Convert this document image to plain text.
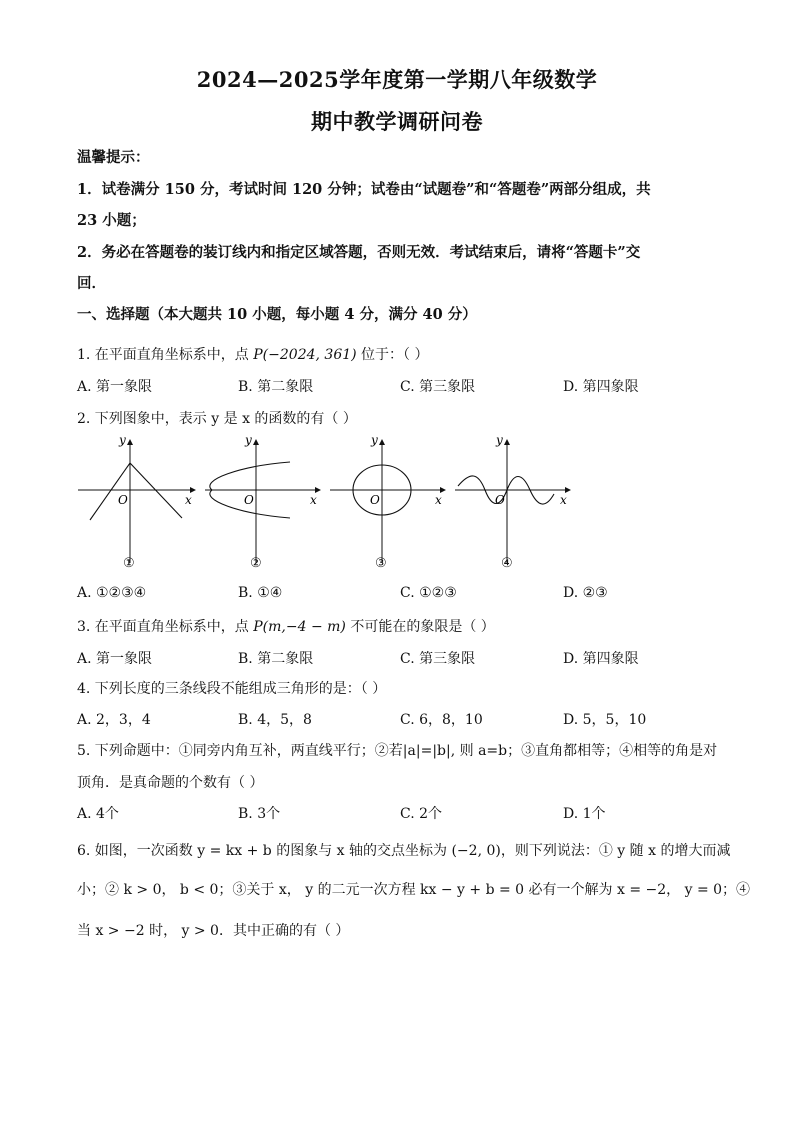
2024—2025学年度第一学期八年级数学
期中教学调研问卷
温馨提示：
1．试卷满分 150 分，考试时间 120 分钟；试卷由“试题卷”和“答题卷”两部分组成，共
23 小题；
2．务必在答题卷的装订线内和指定区域答题，否则无效．考试结束后，请将“答题卡”交
回．
一、选择题（本大题共 10 小题，每小题 4 分，满分 40 分）
1. 在平面直角坐标系中，点 P(−2024, 361) 位于：（ ）
A. 第一象限	B. 第二象限	C. 第三象限	D. 第四象限
2. 下列图象中，表示 y 是 x 的函数的有（ ）
y
x
O
y
x
O
y
x
O
y
x
O
①	②	③	④
A. ①②③④	B. ①④	C. ①②③	D. ②③
3. 在平面直角坐标系中，点 P(m,−4 − m) 不可能在的象限是（ ）
A. 第一象限	B. 第二象限	C. 第三象限	D. 第四象限
4. 下列长度的三条线段不能组成三角形的是：（ ）
A. 2，3，4	B. 4，5，8	C. 6，8，10	D. 5，5，10
5. 下列命题中：①同旁内角互补，两直线平行；②若|a|=|b|, 则 a=b；③直角都相等；④相等的角是对
顶角．是真命题的个数有（ ）
A. 4个	B. 3个	C. 2个	D. 1个
6. 如图，一次函数 y = kx + b 的图象与 x 轴的交点坐标为 (−2, 0)，则下列说法：① y 随 x 的增大而减
小；② k > 0， b < 0；③关于 x， y 的二元一次方程 kx − y + b = 0 必有一个解为 x = −2， y = 0；④
当 x > −2 时， y > 0．其中正确的有（ ）
